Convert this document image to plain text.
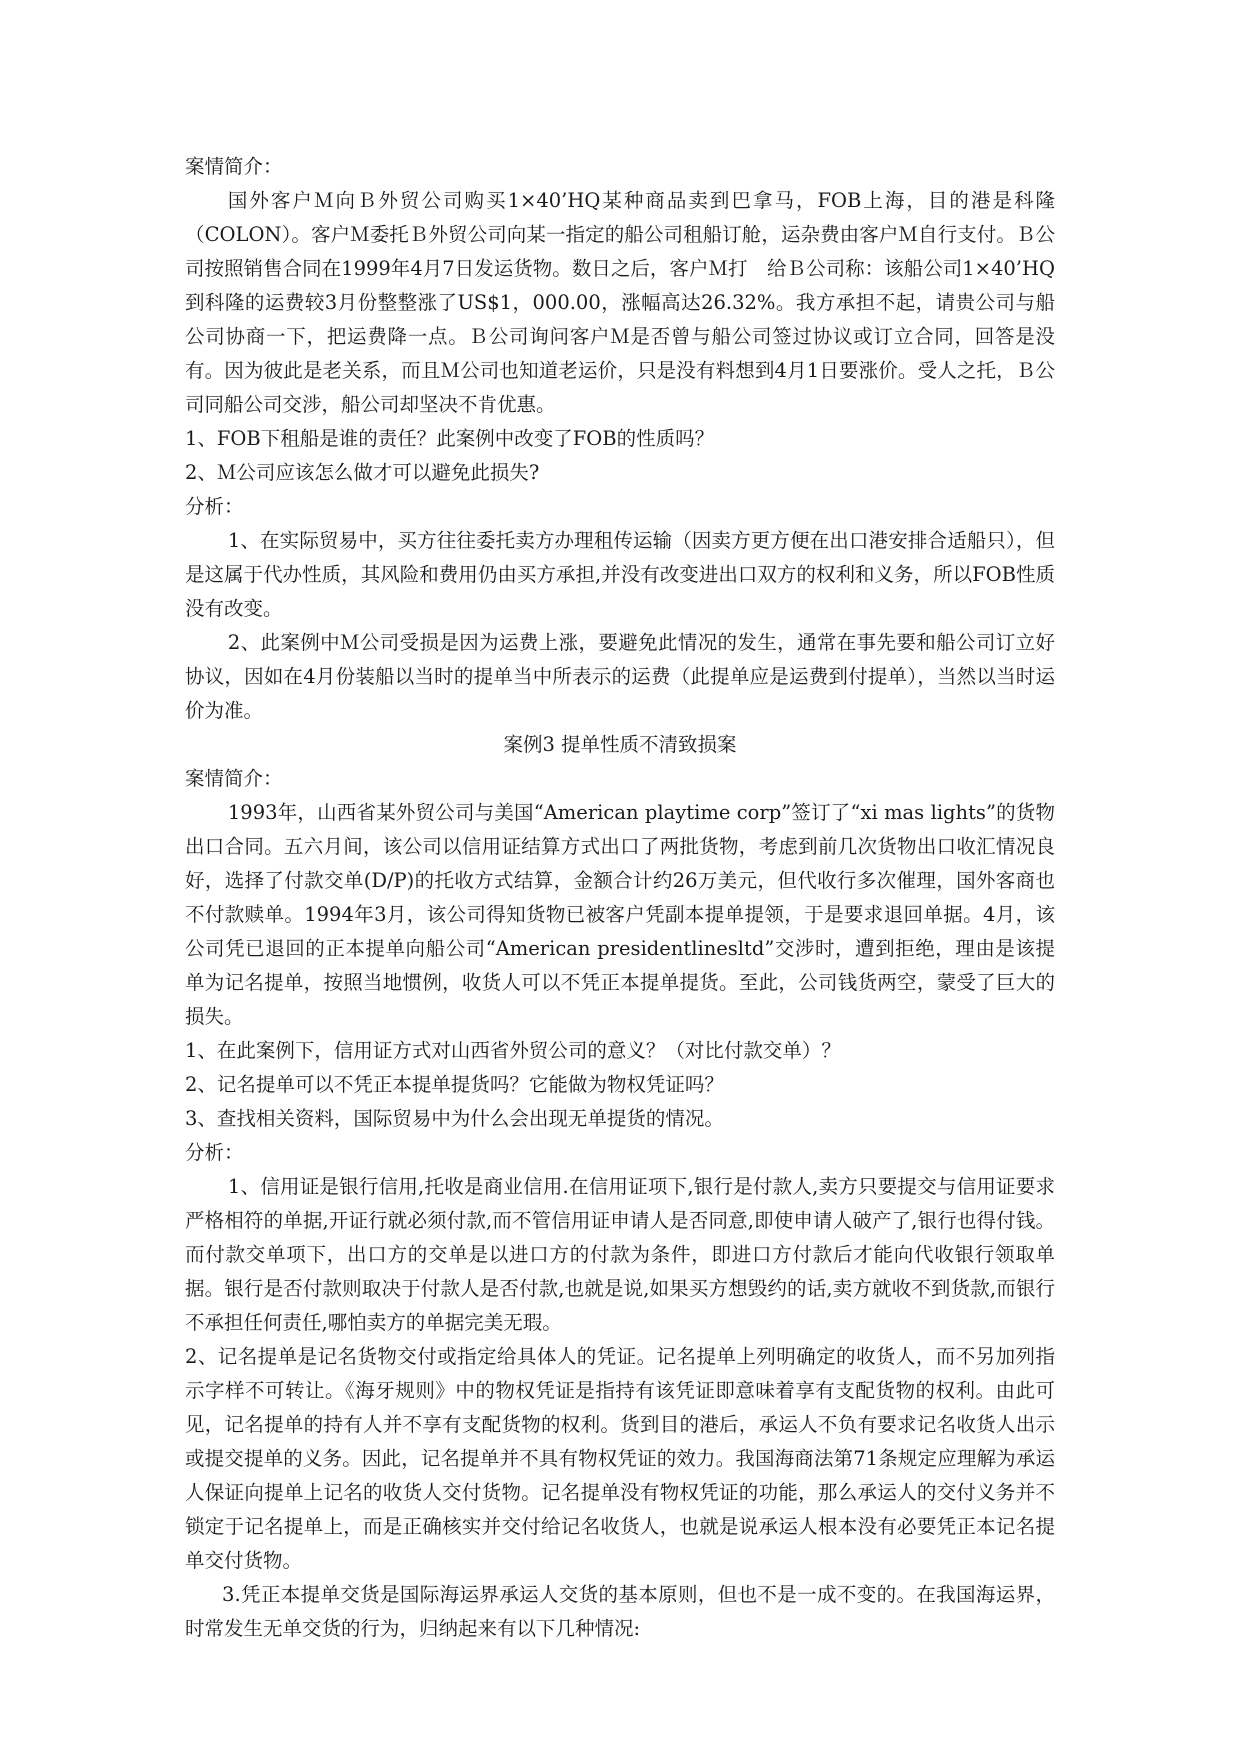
案情简介：
国外客户Ｍ向Ｂ外贸公司购买1×40’HQ某种商品卖到巴拿马，FOB上海，目的港是科隆（COLON）。客户Ｍ委托Ｂ外贸公司向某一指定的船公司租船订舱，运杂费由客户Ｍ自行支付。Ｂ公司按照销售合同在1999年4月7日发运货物。数日之后，客户Ｍ打　给Ｂ公司称：该船公司1×40’HQ到科隆的运费较3月份整整涨了US$1，000.00，涨幅高达26.32%。我方承担不起，请贵公司与船公司协商一下，把运费降一点。Ｂ公司询问客户Ｍ是否曾与船公司签过协议或订立合同，回答是没有。因为彼此是老关系，而且Ｍ公司也知道老运价，只是没有料想到4月1日要涨价。受人之托，Ｂ公司同船公司交涉，船公司却坚决不肯优惠。
1、FOB下租船是谁的责任？此案例中改变了FOB的性质吗？
2、Ｍ公司应该怎么做才可以避免此损失?
分析：
1、在实际贸易中，买方往往委托卖方办理租传运输（因卖方更方便在出口港安排合适船只），但是这属于代办性质，其风险和费用仍由买方承担,并没有改变进出口双方的权利和义务，所以FOB性质没有改变。
2、此案例中Ｍ公司受损是因为运费上涨，要避免此情况的发生，通常在事先要和船公司订立好协议，因如在4月份装船以当时的提单当中所表示的运费（此提单应是运费到付提单），当然以当时运价为准。
案例3 提单性质不清致损案
案情简介：
1993年，山西省某外贸公司与美国“American playtime corp”签订了“xi mas lights”的货物出口合同。五六月间，该公司以信用证结算方式出口了两批货物，考虑到前几次货物出口收汇情况良好，选择了付款交单(D/P)的托收方式结算，金额合计约26万美元，但代收行多次催理，国外客商也不付款赎单。1994年3月，该公司得知货物已被客户凭副本提单提领，于是要求退回单据。4月，该公司凭已退回的正本提单向船公司“American presidentlinesltd”交涉时，遭到拒绝，理由是该提单为记名提单，按照当地惯例，收货人可以不凭正本提单提货。至此，公司钱货两空，蒙受了巨大的损失。
1、在此案例下，信用证方式对山西省外贸公司的意义？（对比付款交单）？
2、记名提单可以不凭正本提单提货吗？它能做为物权凭证吗？
3、查找相关资料，国际贸易中为什么会出现无单提货的情况。
分析：
1、信用证是银行信用,托收是商业信用.在信用证项下,银行是付款人,卖方只要提交与信用证要求严格相符的单据,开证行就必须付款,而不管信用证申请人是否同意,即使申请人破产了,银行也得付钱。而付款交单项下，出口方的交单是以进口方的付款为条件，即进口方付款后才能向代收银行领取单据。银行是否付款则取决于付款人是否付款,也就是说,如果买方想毁约的话,卖方就收不到货款,而银行不承担任何责任,哪怕卖方的单据完美无瑕。
2、记名提单是记名货物交付或指定给具体人的凭证。记名提单上列明确定的收货人，而不另加列指示字样不可转让。《海牙规则》中的物权凭证是指持有该凭证即意味着享有支配货物的权利。由此可见，记名提单的持有人并不享有支配货物的权利。货到目的港后，承运人不负有要求记名收货人出示或提交提单的义务。因此，记名提单并不具有物权凭证的效力。我国海商法第71条规定应理解为承运人保证向提单上记名的收货人交付货物。记名提单没有物权凭证的功能，那么承运人的交付义务并不锁定于记名提单上，而是正确核实并交付给记名收货人，也就是说承运人根本没有必要凭正本记名提单交付货物。
3.凭正本提单交货是国际海运界承运人交货的基本原则，但也不是一成不变的。在我国海运界，时常发生无单交货的行为，归纳起来有以下几种情况:
